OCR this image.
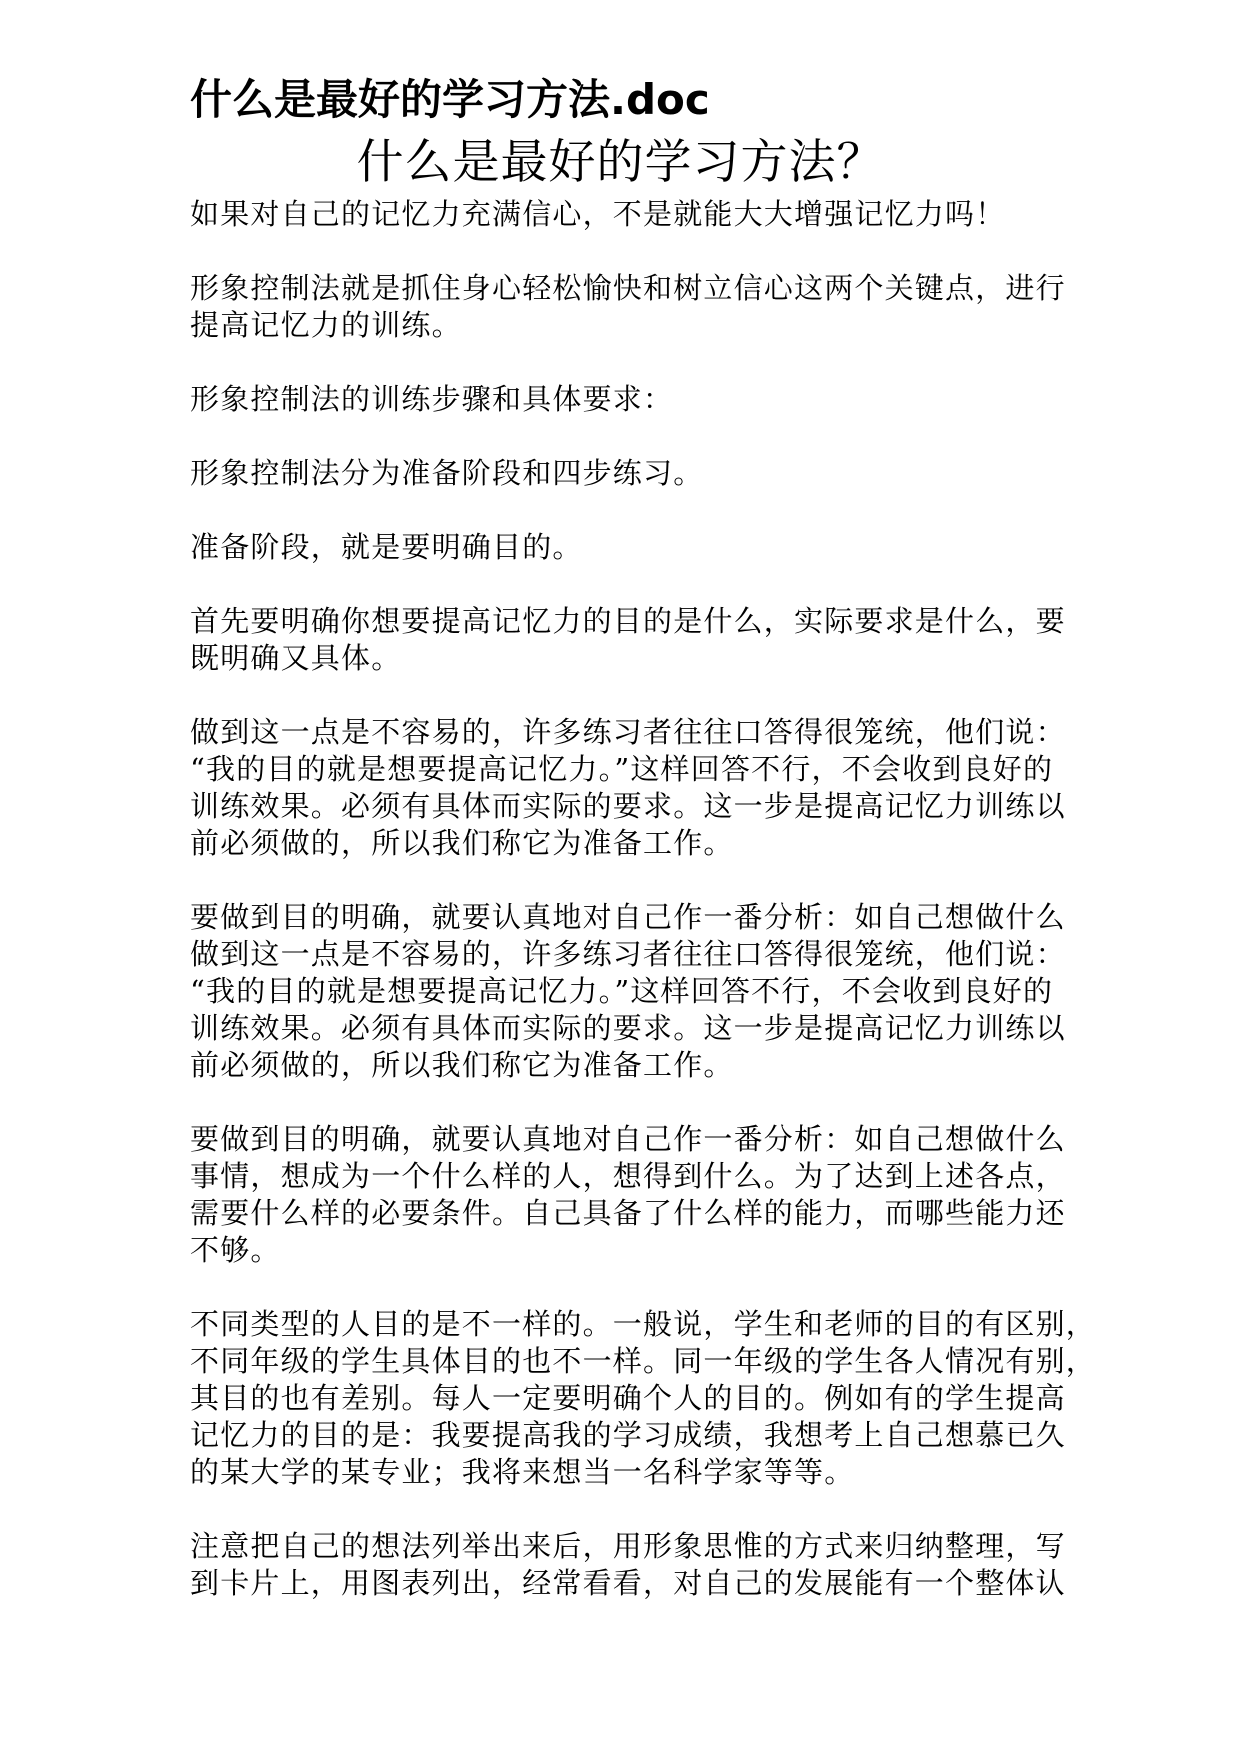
什么是最好的学习方法.doc
什么是最好的学习方法？
如果对自己的记忆力充满信心，不是就能大大增强记忆力吗！
形象控制法就是抓住身心轻松愉快和树立信心这两个关键点，进行
提高记忆力的训练。
形象控制法的训练步骤和具体要求：
形象控制法分为准备阶段和四步练习。
准备阶段，就是要明确目的。
首先要明确你想要提高记忆力的目的是什么，实际要求是什么，要
既明确又具体。
做到这一点是不容易的，许多练习者往往口答得很笼统，他们说：
“我的目的就是想要提高记忆力。”这样回答不行，不会收到良好的
训练效果。必须有具体而实际的要求。这一步是提高记忆力训练以
前必须做的，所以我们称它为准备工作。
要做到目的明确，就要认真地对自己作一番分析：如自己想做什么
做到这一点是不容易的，许多练习者往往口答得很笼统，他们说：
“我的目的就是想要提高记忆力。”这样回答不行，不会收到良好的
训练效果。必须有具体而实际的要求。这一步是提高记忆力训练以
前必须做的，所以我们称它为准备工作。
要做到目的明确，就要认真地对自己作一番分析：如自己想做什么
事情，想成为一个什么样的人，想得到什么。为了达到上述各点，
需要什么样的必要条件。自己具备了什么样的能力，而哪些能力还
不够。
不同类型的人目的是不一样的。一般说，学生和老师的目的有区别，
不同年级的学生具体目的也不一样。同一年级的学生各人情况有别，
其目的也有差别。每人一定要明确个人的目的。例如有的学生提高
记忆力的目的是：我要提高我的学习成绩，我想考上自己想慕已久
的某大学的某专业；我将来想当一名科学家等等。
注意把自己的想法列举出来后，用形象思惟的方式来归纳整理，写
到卡片上，用图表列出，经常看看，对自己的发展能有一个整体认
